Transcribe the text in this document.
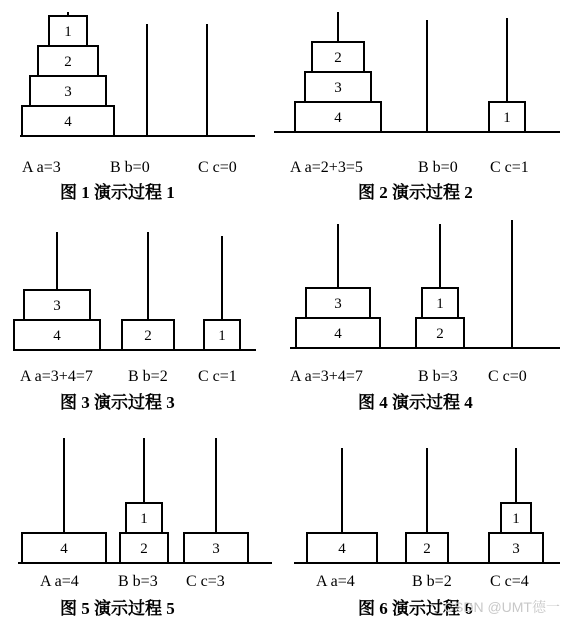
4
3
2
1
A a=3	B b=0	C c=0
图 1 演示过程 1
4
3
2
A a=2+3=5	B b=0
1
C c=1
图 2 演示过程 2
4
3
A a=3+4=7
2
B b=2
1
C c=1
图 3 演示过程 3
4
3
A a=3+4=7
2
1
B b=3 C c=0
图 4 演示过程 4
4
A a=4
2
1
B b=3
3
C c=3
图 5 演示过程 5
4
A a=4
2
B b=2
3
1
C c=4
图 6 演示过程 6
CSDN @UMT德一
